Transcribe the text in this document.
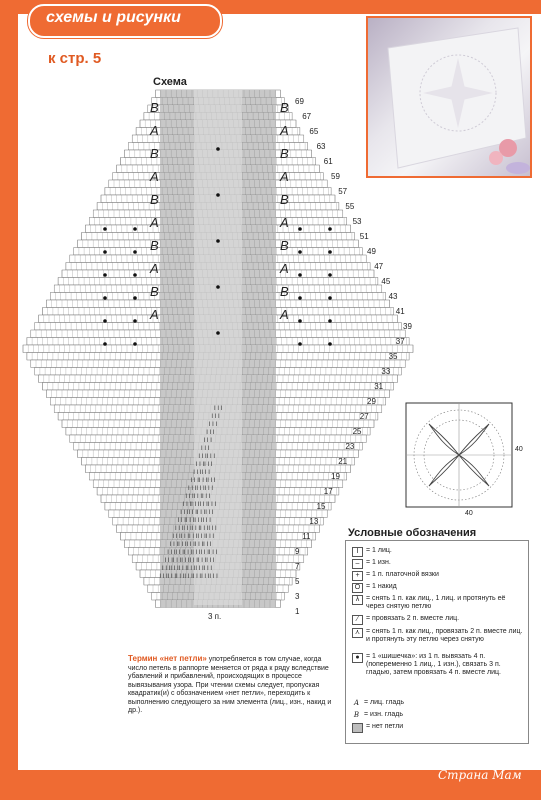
схемы и рисунки
к стр. 5
Схема
В	В
А	А
В	В
А	А
В	В
А	А
В	В
А	А
В	В
А	А
69
67
65
63
61
59
57
55
53
51
49
47
45
43
41
39
37
35
33
31
29
27
25
23
21
19
17
15
13
11
9
7
5
3
1
I I I
I I I
I I I
I I I
I I I
I I I
I I II I I
I I II I I
I I II I I
I I II I II I I
I I II I II I I
I I II I II I I
I I II I II I II I I
I I II I II I II I I
I I II I II I II I I
I I II I II I II I II I I
I I II I II I II I II I I
I I II I II I II I II I I
I I II I II I II I II I II I I
I I II I II I II I II I II I I
I I II I II I II I II I II I I
I I II I II I II I II I II I II I I
3 п.
40
40
Условные обозначения
I	= 1 лиц.
– = 1 изн.
+ = 1 п. платочной вязки
O = 1 накид
λ = снять 1 п. как лиц., 1 лиц. и протянуть её через снятую петлю
⁄	= провязать 2 п. вместе лиц.
⋏ = снять 1 п. как лиц., провязать 2 п. вместе лиц. и протянуть эту петлю через снятую
● = 1 «шишечка»: из 1 п. вывязать 4 п. (попеременно 1 лиц., 1 изн.), связать 3 п. гладью, затем провязать 4 п. вместе лиц.
А = лиц. гладь
В = изн. гладь
= нет петли
Термин «нет петли» употребляется в том случае, когда число петель в раппорте меняется от ряда к ряду вследствие убавлений и прибавлений, происходящих в процессе вывязывания узора. При чтении схемы следует, пропуская квадратик(и) с обозначением «нет петли», переходить к выполнению следующего за ним элемента (лиц., изн., накид и др.).
26 КРЕАТИВ
Страна Мам
